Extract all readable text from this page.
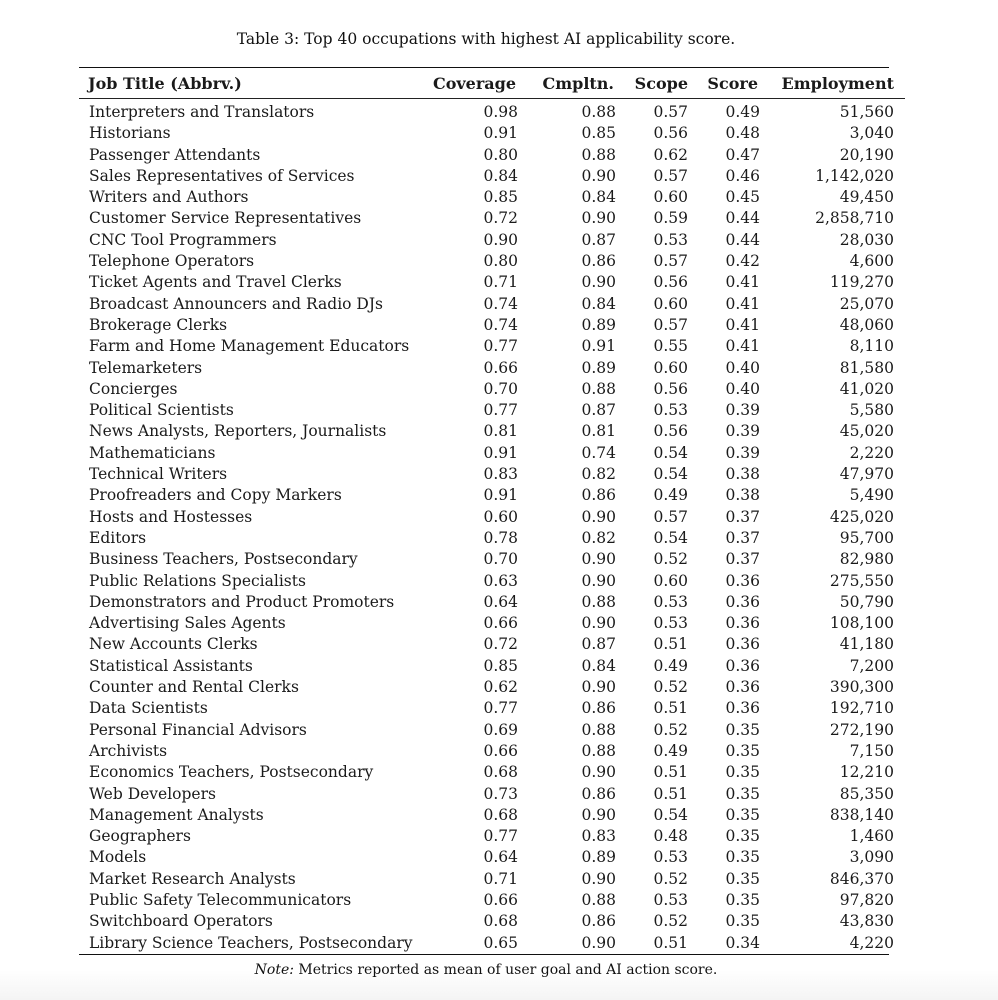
Table 3: Top 40 occupations with highest AI applicability score.
Job Title (Abbrv.)	Coverage	Cmpltn.	Scope	Score	Employment

Interpreters and Translators	0.98	0.88	0.57	0.49	51,560
Historians	0.91	0.85	0.56	0.48	3,040
Passenger Attendants	0.80	0.88	0.62	0.47	20,190
Sales Representatives of Services	0.84	0.90	0.57	0.46	1,142,020
Writers and Authors	0.85	0.84	0.60	0.45	49,450
Customer Service Representatives	0.72	0.90	0.59	0.44	2,858,710
CNC Tool Programmers	0.90	0.87	0.53	0.44	28,030
Telephone Operators	0.80	0.86	0.57	0.42	4,600
Ticket Agents and Travel Clerks	0.71	0.90	0.56	0.41	119,270
Broadcast Announcers and Radio DJs	0.74	0.84	0.60	0.41	25,070
Brokerage Clerks	0.74	0.89	0.57	0.41	48,060
Farm and Home Management Educators	0.77	0.91	0.55	0.41	8,110
Telemarketers	0.66	0.89	0.60	0.40	81,580
Concierges	0.70	0.88	0.56	0.40	41,020
Political Scientists	0.77	0.87	0.53	0.39	5,580
News Analysts, Reporters, Journalists	0.81	0.81	0.56	0.39	45,020
Mathematicians	0.91	0.74	0.54	0.39	2,220
Technical Writers	0.83	0.82	0.54	0.38	47,970
Proofreaders and Copy Markers	0.91	0.86	0.49	0.38	5,490
Hosts and Hostesses	0.60	0.90	0.57	0.37	425,020
Editors	0.78	0.82	0.54	0.37	95,700
Business Teachers, Postsecondary	0.70	0.90	0.52	0.37	82,980
Public Relations Specialists	0.63	0.90	0.60	0.36	275,550
Demonstrators and Product Promoters	0.64	0.88	0.53	0.36	50,790
Advertising Sales Agents	0.66	0.90	0.53	0.36	108,100
New Accounts Clerks	0.72	0.87	0.51	0.36	41,180
Statistical Assistants	0.85	0.84	0.49	0.36	7,200
Counter and Rental Clerks	0.62	0.90	0.52	0.36	390,300
Data Scientists	0.77	0.86	0.51	0.36	192,710
Personal Financial Advisors	0.69	0.88	0.52	0.35	272,190
Archivists	0.66	0.88	0.49	0.35	7,150
Economics Teachers, Postsecondary	0.68	0.90	0.51	0.35	12,210
Web Developers	0.73	0.86	0.51	0.35	85,350
Management Analysts	0.68	0.90	0.54	0.35	838,140
Geographers	0.77	0.83	0.48	0.35	1,460
Models	0.64	0.89	0.53	0.35	3,090
Market Research Analysts	0.71	0.90	0.52	0.35	846,370
Public Safety Telecommunicators	0.66	0.88	0.53	0.35	97,820
Switchboard Operators	0.68	0.86	0.52	0.35	43,830
Library Science Teachers, Postsecondary	0.65	0.90	0.51	0.34	4,220
Note: Metrics reported as mean of user goal and AI action score.
